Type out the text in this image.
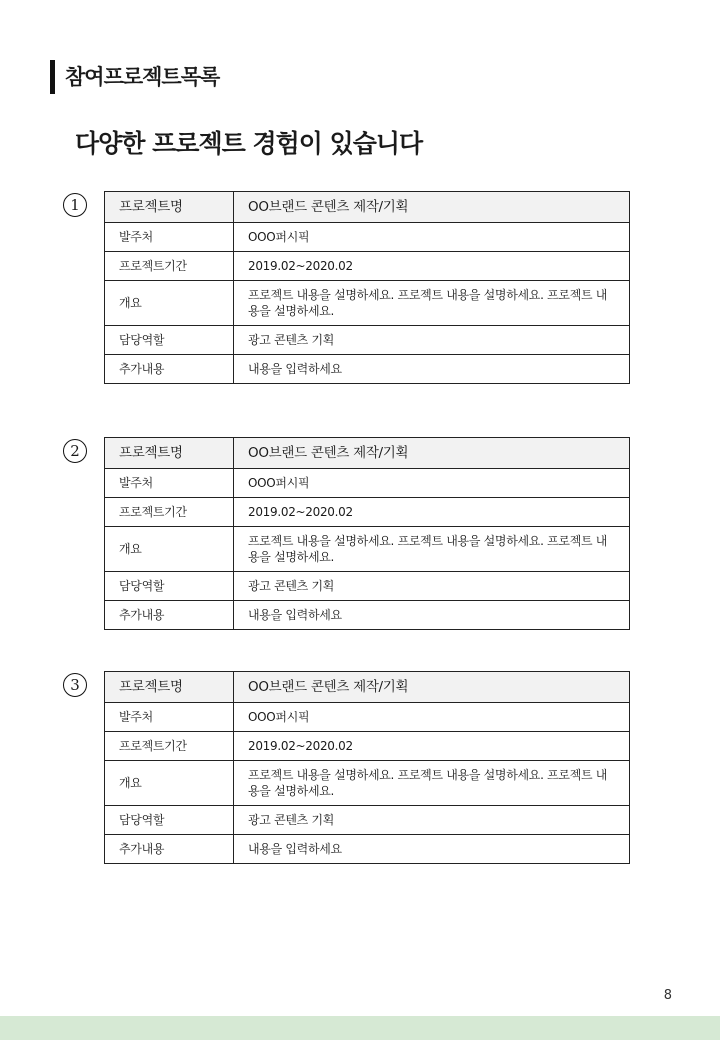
참여프로젝트목록
다양한 프로젝트 경험이 있습니다
1	프로젝트명	OO브랜드 콘텐츠 제작/기획
발주처	OOO퍼시픽
프로젝트기간	2019.02~2020.02
개요	프로젝트 내용을 설명하세요. 프로젝트 내용을 설명하세요. 프로젝트 내용을 설명하세요.
담당역할	광고 콘텐츠 기획
추가내용	내용을 입력하세요
2	프로젝트명	OO브랜드 콘텐츠 제작/기획
발주처	OOO퍼시픽
프로젝트기간	2019.02~2020.02
개요	프로젝트 내용을 설명하세요. 프로젝트 내용을 설명하세요. 프로젝트 내용을 설명하세요.
담당역할	광고 콘텐츠 기획
추가내용	내용을 입력하세요
3	프로젝트명	OO브랜드 콘텐츠 제작/기획
발주처	OOO퍼시픽
프로젝트기간	2019.02~2020.02
개요	프로젝트 내용을 설명하세요. 프로젝트 내용을 설명하세요. 프로젝트 내용을 설명하세요.
담당역할	광고 콘텐츠 기획
추가내용	내용을 입력하세요
8
